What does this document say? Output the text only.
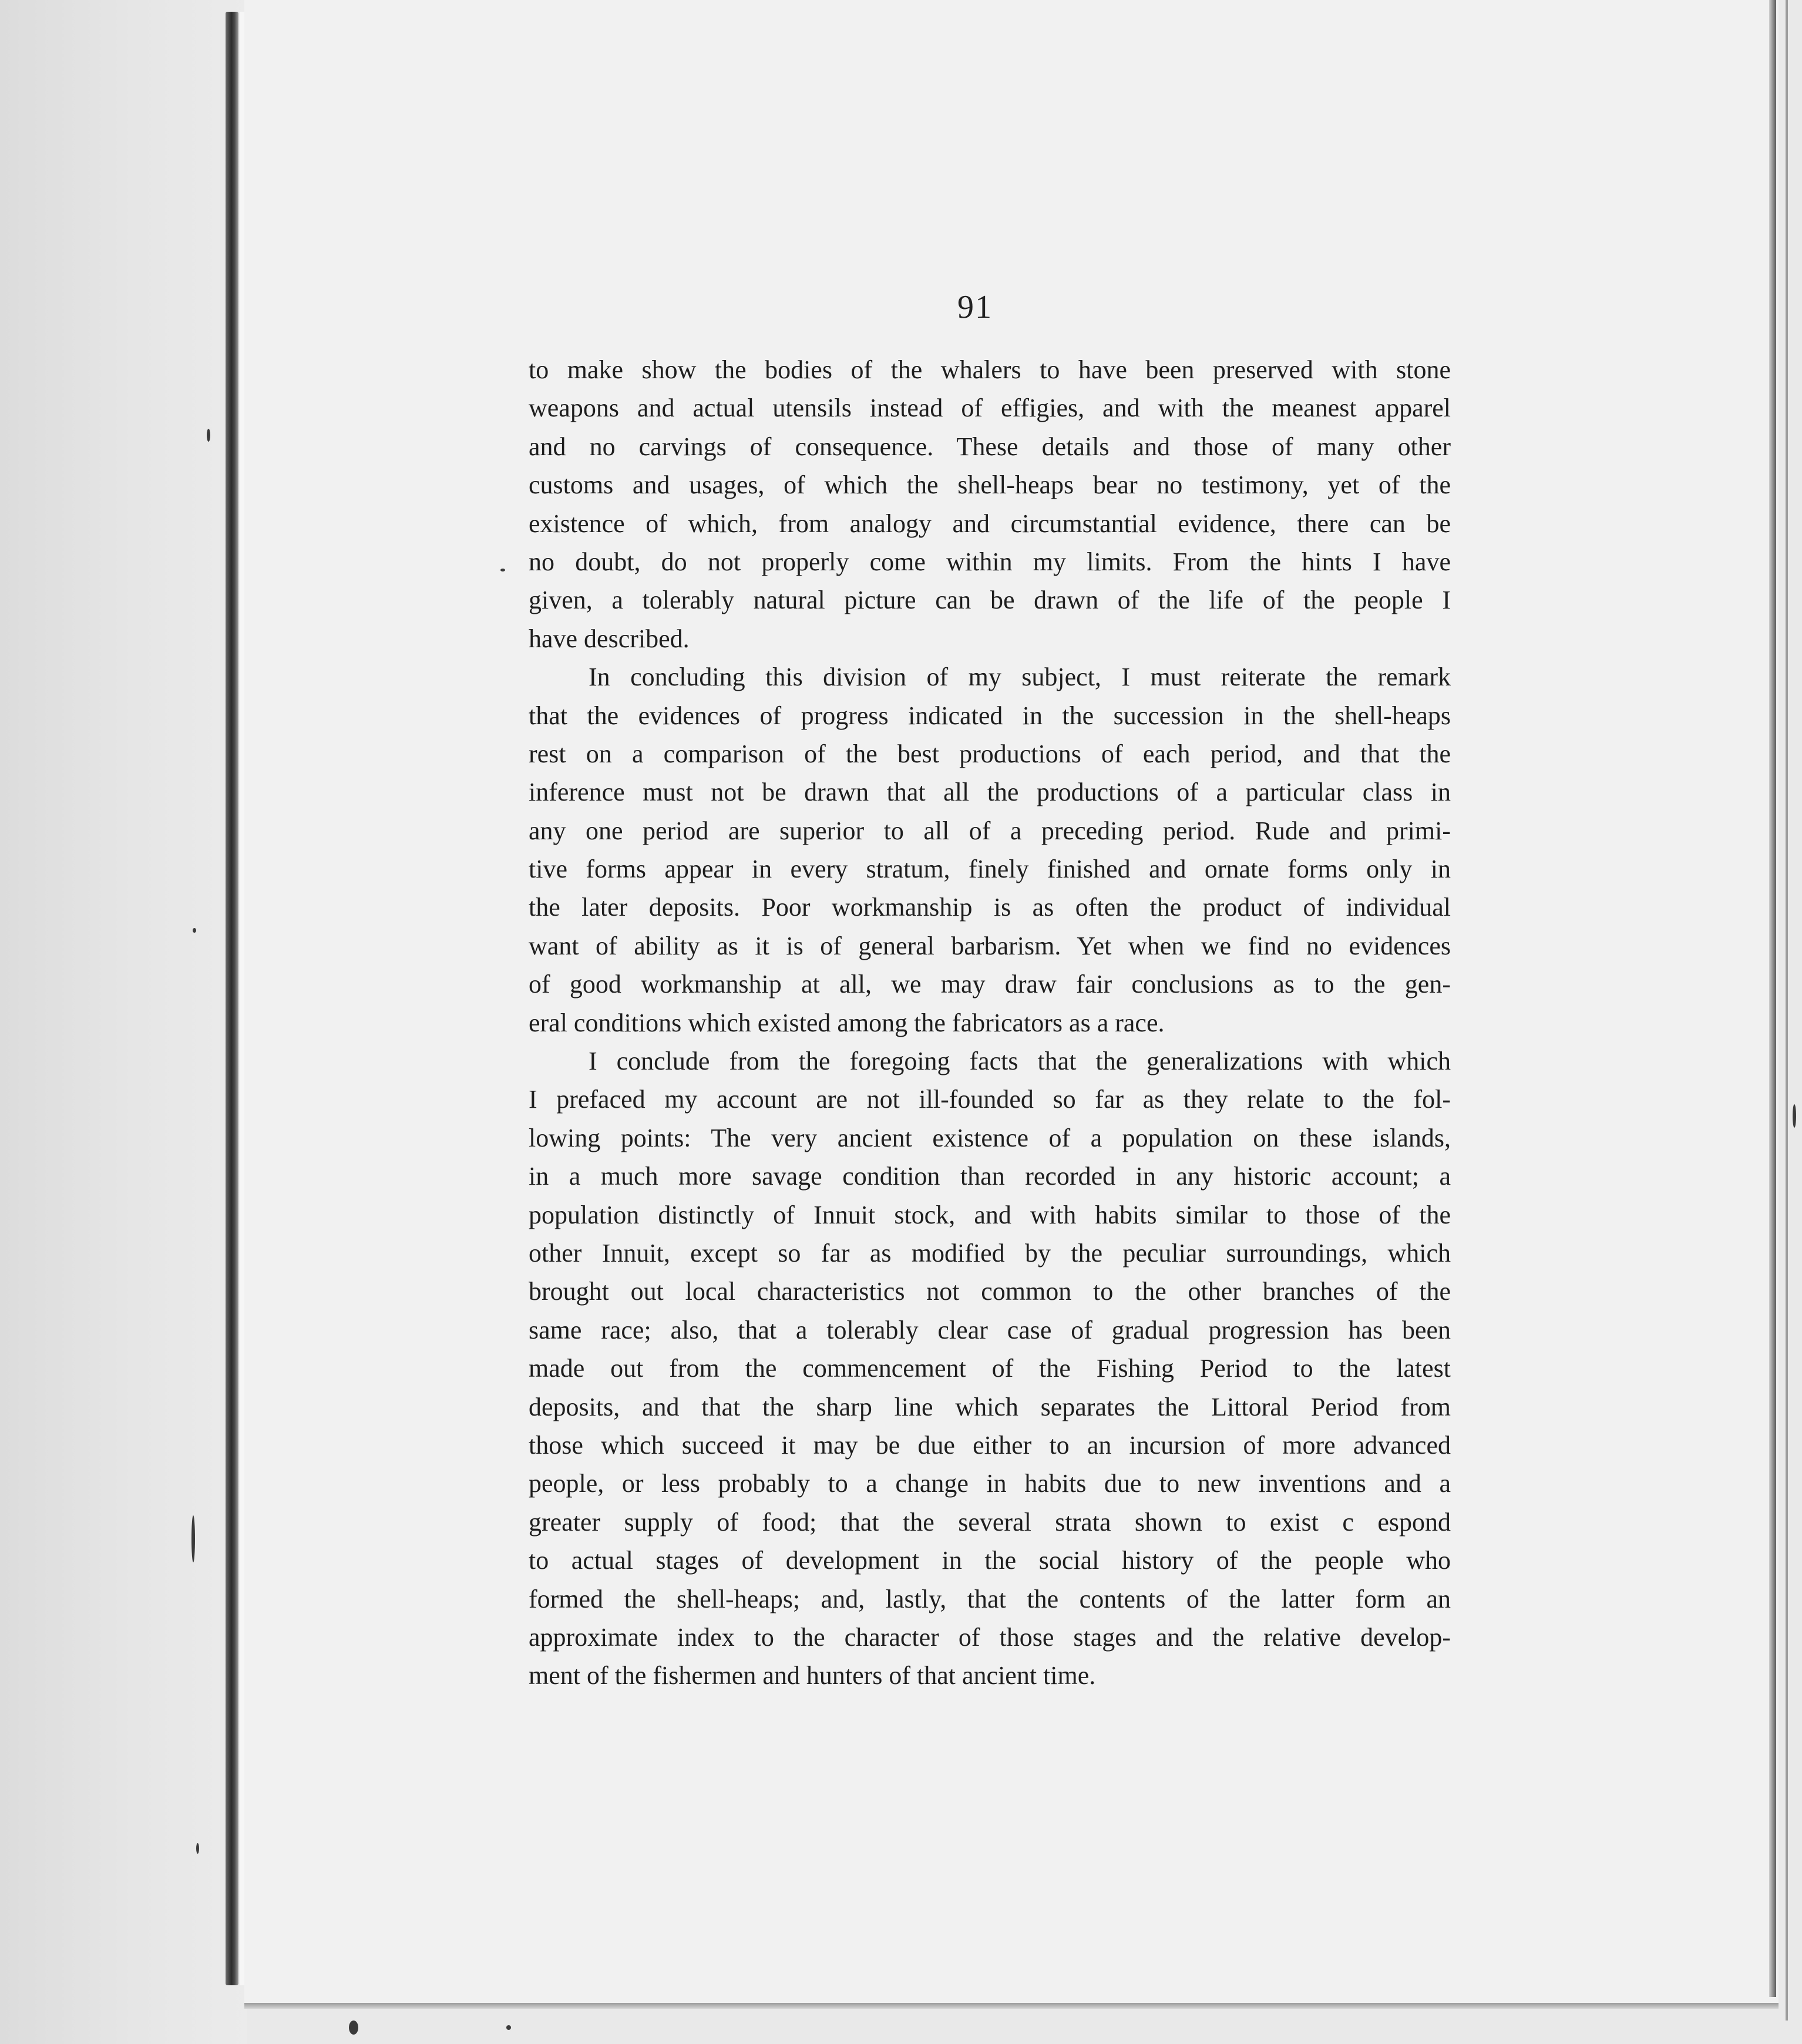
91
to make show the bodies of the whalers to have been preserved with stone
weapons and actual utensils instead of effigies, and with the meanest apparel
and no carvings of consequence. These details and those of many other
customs and usages, of which the shell-heaps bear no testimony, yet of the
existence of which, from analogy and circumstantial evidence, there can be
no doubt, do not properly come within my limits. From the hints I have
given, a tolerably natural picture can be drawn of the life of the people I
have described.
In concluding this division of my subject, I must reiterate the remark
that the evidences of progress indicated in the succession in the shell-heaps
rest on a comparison of the best productions of each period, and that the
inference must not be drawn that all the productions of a particular class in
any one period are superior to all of a preceding period. Rude and primi-
tive forms appear in every stratum, finely finished and ornate forms only in
the later deposits. Poor workmanship is as often the product of individual
want of ability as it is of general barbarism. Yet when we find no evidences
of good workmanship at all, we may draw fair conclusions as to the gen-
eral conditions which existed among the fabricators as a race.
I conclude from the foregoing facts that the generalizations with which
I prefaced my account are not ill-founded so far as they relate to the fol-
lowing points: The very ancient existence of a population on these islands,
in a much more savage condition than recorded in any historic account; a
population distinctly of Innuit stock, and with habits similar to those of the
other Innuit, except so far as modified by the peculiar surroundings, which
brought out local characteristics not common to the other branches of the
same race; also, that a tolerably clear case of gradual progression has been
made out from the commencement of the Fishing Period to the latest
deposits, and that the sharp line which separates the Littoral Period from
those which succeed it may be due either to an incursion of more advanced
people, or less probably to a change in habits due to new inventions and a
greater supply of food; that the several strata shown to exist c espond
to actual stages of development in the social history of the people who
formed the shell-heaps; and, lastly, that the contents of the latter form an
approximate index to the character of those stages and the relative develop-
ment of the fishermen and hunters of that ancient time.
